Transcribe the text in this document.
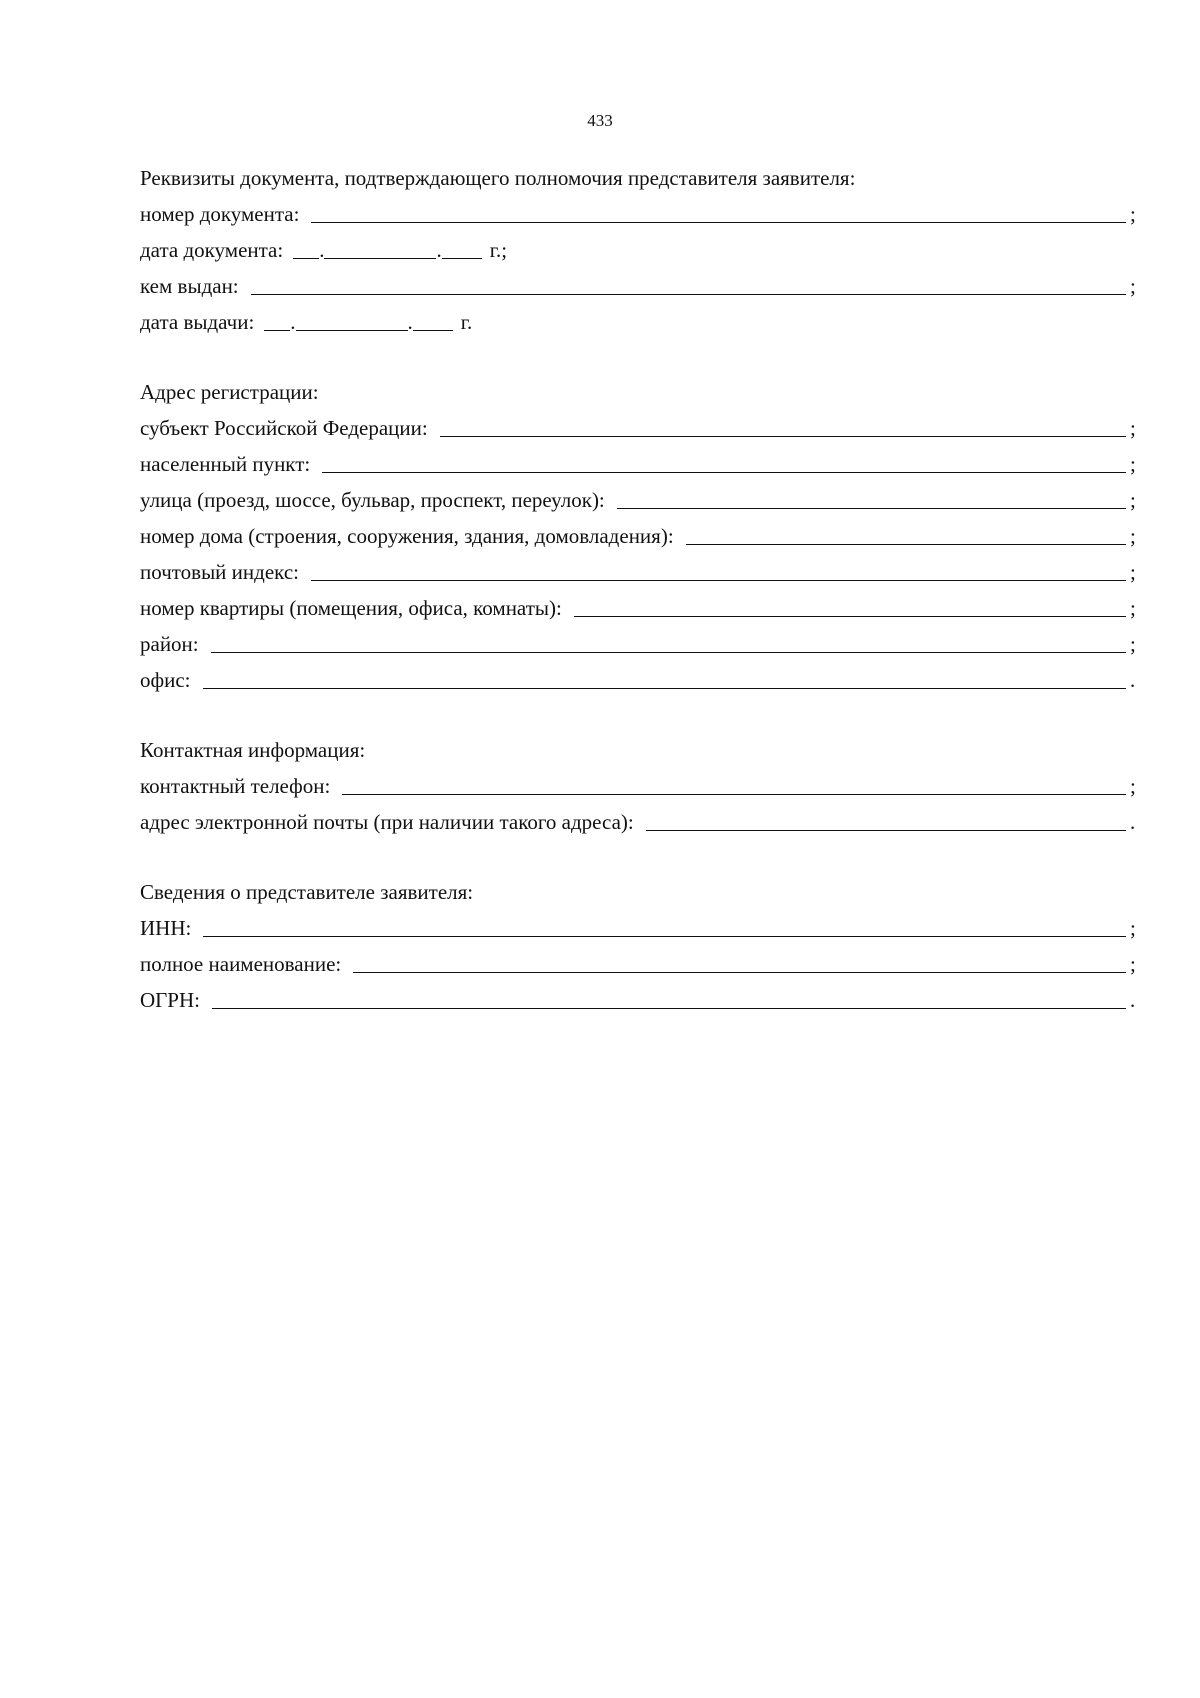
433
Реквизиты документа, подтверждающего полномочия представителя заявителя:
номер документа:	;
дата документа: .	. г.;
кем выдан:	;
дата выдачи: .	. г.
Адрес регистрации:
субъект Российской Федерации:	;
населенный пункт:	;
улица (проезд, шоссе, бульвар, проспект, переулок):	;
номер дома (строения, сооружения, здания, домовладения):	;
почтовый индекс:	;
номер квартиры (помещения, офиса, комнаты):	;
район:	;
офис:	.
Контактная информация:
контактный телефон:	;
адрес электронной почты (при наличии такого адреса):	.
Сведения о представителе заявителя:
ИНН:	;
полное наименование:	;
ОГРН:	.
